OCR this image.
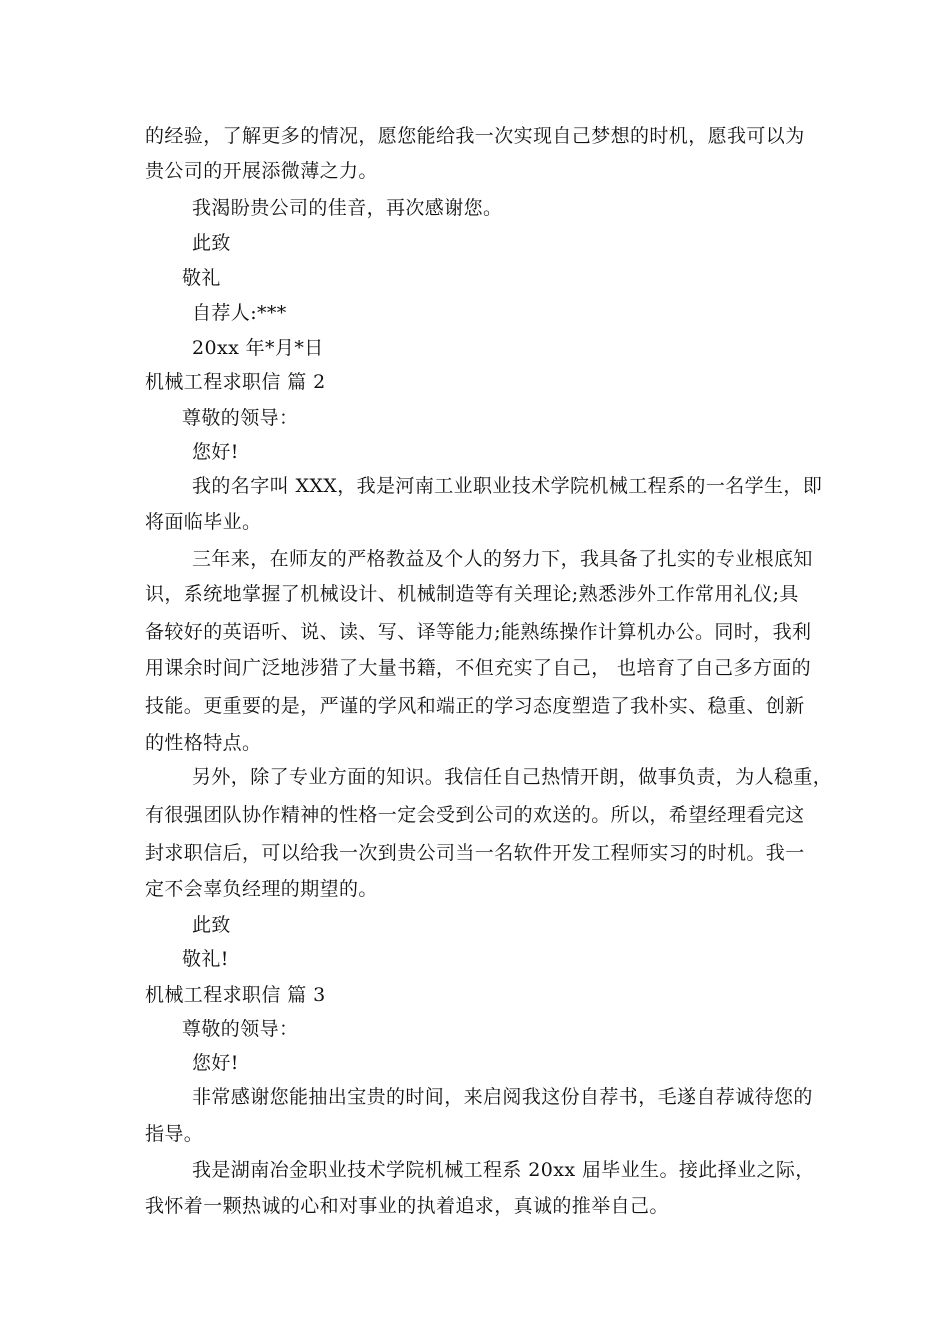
的经验，了解更多的情况，愿您能给我一次实现自己梦想的时机，愿我可以为
贵公司的开展添微薄之力。
我渴盼贵公司的佳音，再次感谢您。
此致
敬礼
自荐人:***
20xx 年*月*日
机械工程求职信 篇 2
尊敬的领导：
您好!
我的名字叫 XXX，我是河南工业职业技术学院机械工程系的一名学生，即
将面临毕业。
三年来，在师友的严格教益及个人的努力下，我具备了扎实的专业根底知
识，系统地掌握了机械设计、机械制造等有关理论;熟悉涉外工作常用礼仪;具
备较好的英语听、说、读、写、译等能力;能熟练操作计算机办公。同时，我利
用课余时间广泛地涉猎了大量书籍，不但充实了自己， 也培育了自己多方面的
技能。更重要的是，严谨的学风和端正的学习态度塑造了我朴实、稳重、创新
的性格特点。
另外，除了专业方面的知识。我信任自己热情开朗，做事负责，为人稳重，
有很强团队协作精神的性格一定会受到公司的欢送的。所以，希望经理看完这
封求职信后，可以给我一次到贵公司当一名软件开发工程师实习的时机。我一
定不会辜负经理的期望的。
此致
敬礼!
机械工程求职信 篇 3
尊敬的领导：
您好!
非常感谢您能抽出宝贵的时间，来启阅我这份自荐书，毛遂自荐诚待您的
指导。
我是湖南冶金职业技术学院机械工程系 20xx 届毕业生。接此择业之际，
我怀着一颗热诚的心和对事业的执着追求，真诚的推举自己。
